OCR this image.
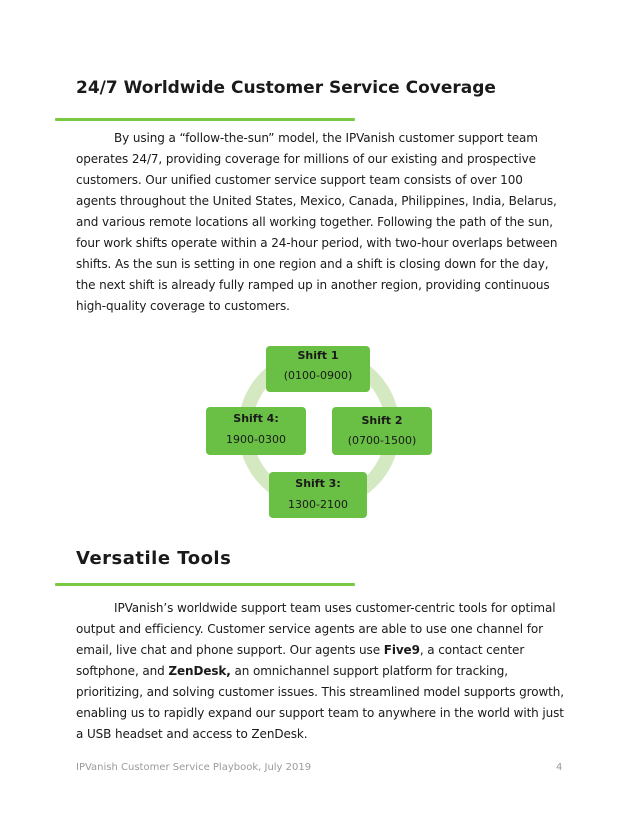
24/7 Worldwide Customer Service Coverage

By using a “follow-the-sun” model, the IPVanish customer support team operates 24/7, providing coverage for millions of our existing and prospective customers. Our unified customer service support team consists of over 100 agents throughout the United States, Mexico, Canada, Philippines, India, Belarus, and various remote locations all working together. Following the path of the sun, four work shifts operate within a 24-hour period, with two-hour overlaps between shifts. As the sun is setting in one region and a shift is closing down for the day, the next shift is already fully ramped up in another region, providing continuous high-quality coverage to customers.

Shift 1
(0100-0900)
Shift 2
(0700-1500)
Shift 3:
1300-2100
Shift 4:
1900-0300
Versatile Tools

IPVanish’s worldwide support team uses customer-centric tools for optimal output and efficiency. Customer service agents are able to use one channel for email, live chat and phone support. Our agents use Five9, a contact center softphone, and ZenDesk, an omnichannel support platform for tracking, prioritizing, and solving customer issues. This streamlined model supports growth, enabling us to rapidly expand our support team to anywhere in the world with just a USB headset and access to ZenDesk.

IPVanish Customer Service Playbook, July 2019	4
